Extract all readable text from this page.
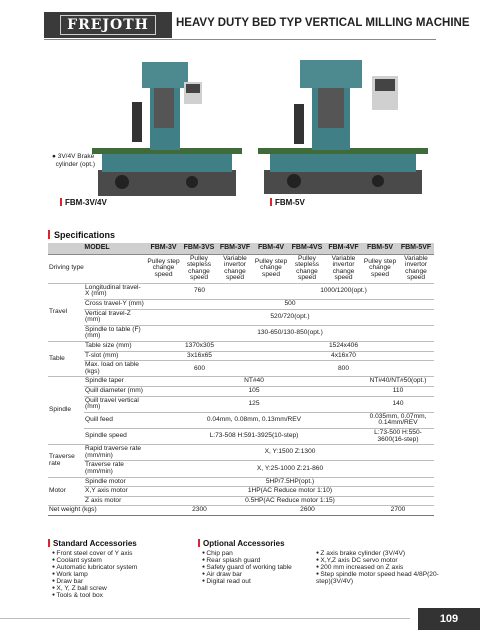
FREJOTH	HEAVY DUTY BED TYP VERTICAL MILLING MACHINE
● 3V/4V Brake
cylinder (opt.)
FBM-3V/4V	FBM-5V
Specifications
MODEL		FBM-3V	FBM-3VS	FBM-3VF	FBM-4V	FBM-4VS	FBM-4VF	FBM-5V	FBM-5VF
Driving type		Pulley step change speed	Pulley stepless change speed	Variable invertor change speed	Pulley step change speed	Pulley stepless change speed	Variable invertor change speed	Pulley step change speed	Variable invertor change speed
Travel	Longitudinal travel-X (mm)	760			1000/1200(opt.)				
	Cross travel-Y (mm)	500							
	Vertical travel-Z (mm)	520/720(opt.)							
	Spindle to table (F) (mm)	130-650/130-850(opt.)							
Table	Table size (mm)	1370x305			1524x406				
	T-slot (mm)	3x16x65			4x16x70				
	Max. load on table (kgs)	600			800				
Spindle	Spindle taper	NT#40						NT#40/NT#50(opt.)	
	Quill diameter (mm)	105						110	
	Quill travel vertical (mm)	125						140	
	Quill feed	0.04mm, 0.08mm, 0.13mm/REV						0.035mm, 0.07mm, 0.14mm/REV	
	Spindle speed	L:73-508 H:591-3925(10-step)						L:73-500 H:550-3600(16-step)	
Traverse rate	Rapid traverse rate (mm/min)	X, Y:1500 Z:1300							
	Traverse rate (mm/min)	X, Y:25-1000 Z:21-860							
Motor	Spindle motor	5HP/7.5HP(opt.)							
	X,Y axis motor	1HP(AC Reduce motor 1:10)							
	Z axis motor	0.5HP(AC Reduce motor 1:15)							
Net weight (kgs)		2300			2600			2700	
Standard Accessories
● Front steel cover of Y axis
● Coolant system
● Automatic lubricator system
● Work lamp
● Draw bar
● X, Y, Z ball screw
● Tools & tool box
Optional Accessories
● Chip pan
● Rear splash guard
● Safety guard of working table
● Air draw bar
● Digital read out
● Z axis brake cylinder (3V/4V)
● X,Y,Z axis DC servo motor
● 200 mm increased on Z axis
● Step spindle motor speed head 4/8P(20-step)(3V/4V)
109
